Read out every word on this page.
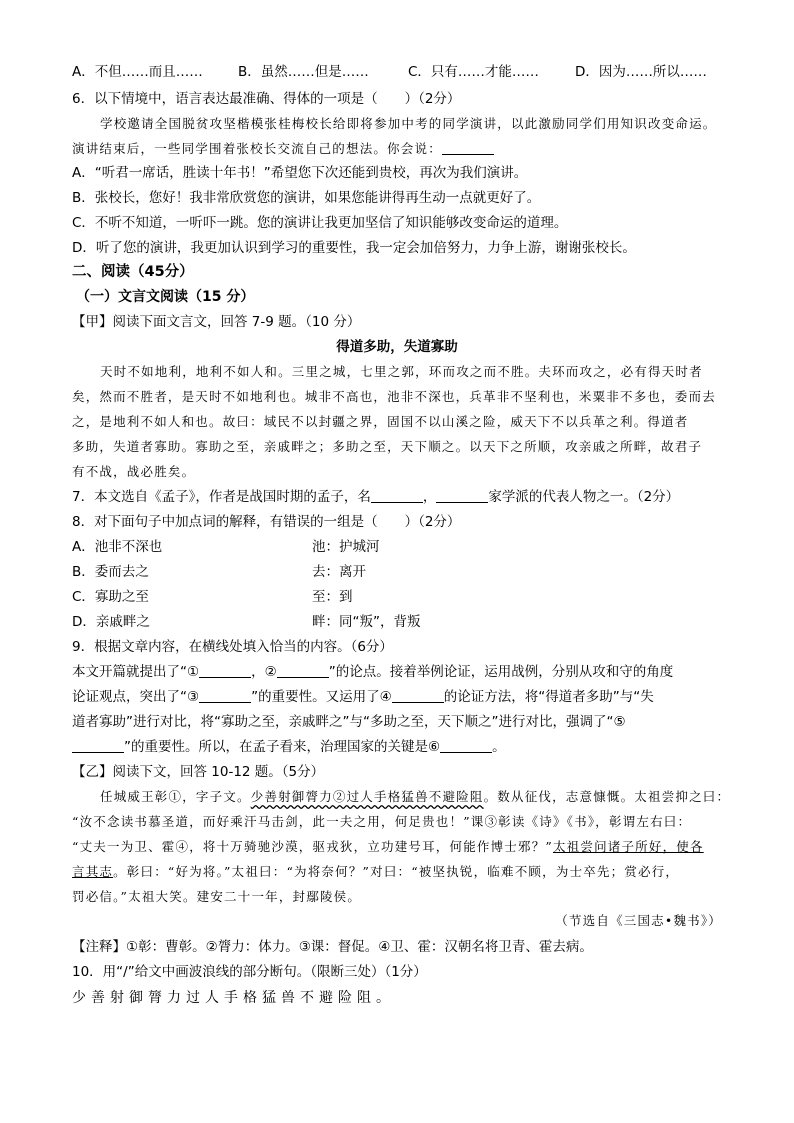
A．不但……而且……	B．虽然……但是……	C．只有……才能……	D．因为……所以……
6．以下情境中，语言表达最准确、得体的一项是（　　）（2分）
学校邀请全国脱贫攻坚楷模张桂梅校长给即将参加中考的同学演讲，以此激励同学们用知识改变命运。
演讲结束后，一些同学围着张校长交流自己的想法。你会说：
A．“听君一席话，胜读十年书！”希望您下次还能到贵校，再次为我们演讲。
B．张校长，您好！我非常欣赏您的演讲，如果您能讲得再生动一点就更好了。
C．不听不知道，一听吓一跳。您的演讲让我更加坚信了知识能够改变命运的道理。
D．听了您的演讲，我更加认识到学习的重要性，我一定会加倍努力，力争上游，谢谢张校长。
二、阅读（45分）
（一）文言文阅读（15 分）
【甲】阅读下面文言文，回答 7-9 题。（10 分）
得道多助，失道寡助
天时不如地利，地利不如人和。三里之城，七里之郭，环而攻之而不胜。夫环而攻之，必有得天时者
矣，然而不胜者，是天时不如地利也。城非不高也，池非不深也，兵革非不坚利也，米粟非不多也，委而去
之，是地利不如人和也。故曰：域民不以封疆之界，固国不以山溪之险，威天下不以兵革之利。得道者
多助，失道者寡助。寡助之至，亲戚畔之；多助之至，天下顺之。以天下之所顺，攻亲戚之所畔，故君子
有不战，战必胜矣。
7．本文选自《孟子》，作者是战国时期的孟子，名	，	家学派的代表人物之一。（2分）
8．对下面句子中加点词的解释，有错误的一组是（　　）（2分）
A．池非不深也	池：护城河
B．委而去之	去：离开
C．寡助之至	至：到
D．亲戚畔之	畔：同“叛”，背叛
9．根据文章内容，在横线处填入恰当的内容。（6分）
本文开篇就提出了“①	，②	”的论点。接着举例论证，运用战例，分别从攻和守的角度
论证观点，突出了“③	”的重要性。又运用了④	的论证方法，将“得道者多助”与“失
道者寡助”进行对比，将“寡助之至，亲戚畔之”与“多助之至，天下顺之”进行对比，强调了“⑤
”的重要性。所以，在孟子看来，治理国家的关键是⑥	。
【乙】阅读下文，回答 10-12 题。（5分）
任城威王彰①，字子文。少善射御膂力②过人手格猛兽不避险阻。数从征伐，志意慷慨。太祖尝抑之曰：
“汝不念读书慕圣道，而好乘汗马击剑，此一夫之用，何足贵也！”课③彰读《诗》《书》，彰谓左右曰：
“丈夫一为卫、霍④，将十万骑驰沙漠，驱戎狄，立功建号耳，何能作博士邪？”太祖尝问诸子所好，使各
言其志。彰曰：“好为将。”太祖曰：“为将奈何？”对曰：“被坚执锐，临难不顾，为士卒先；赏必行，
罚必信。”太祖大笑。建安二十一年，封鄢陵侯。
（节选自《三国志•魏书》）
【注释】①彰：曹彰。②膂力：体力。③课：督促。④卫、霍：汉朝名将卫青、霍去病。
10．用“/”给文中画波浪线的部分断句。（限断三处）（1分）
少善射御膂力过人手格猛兽不避险阻。
